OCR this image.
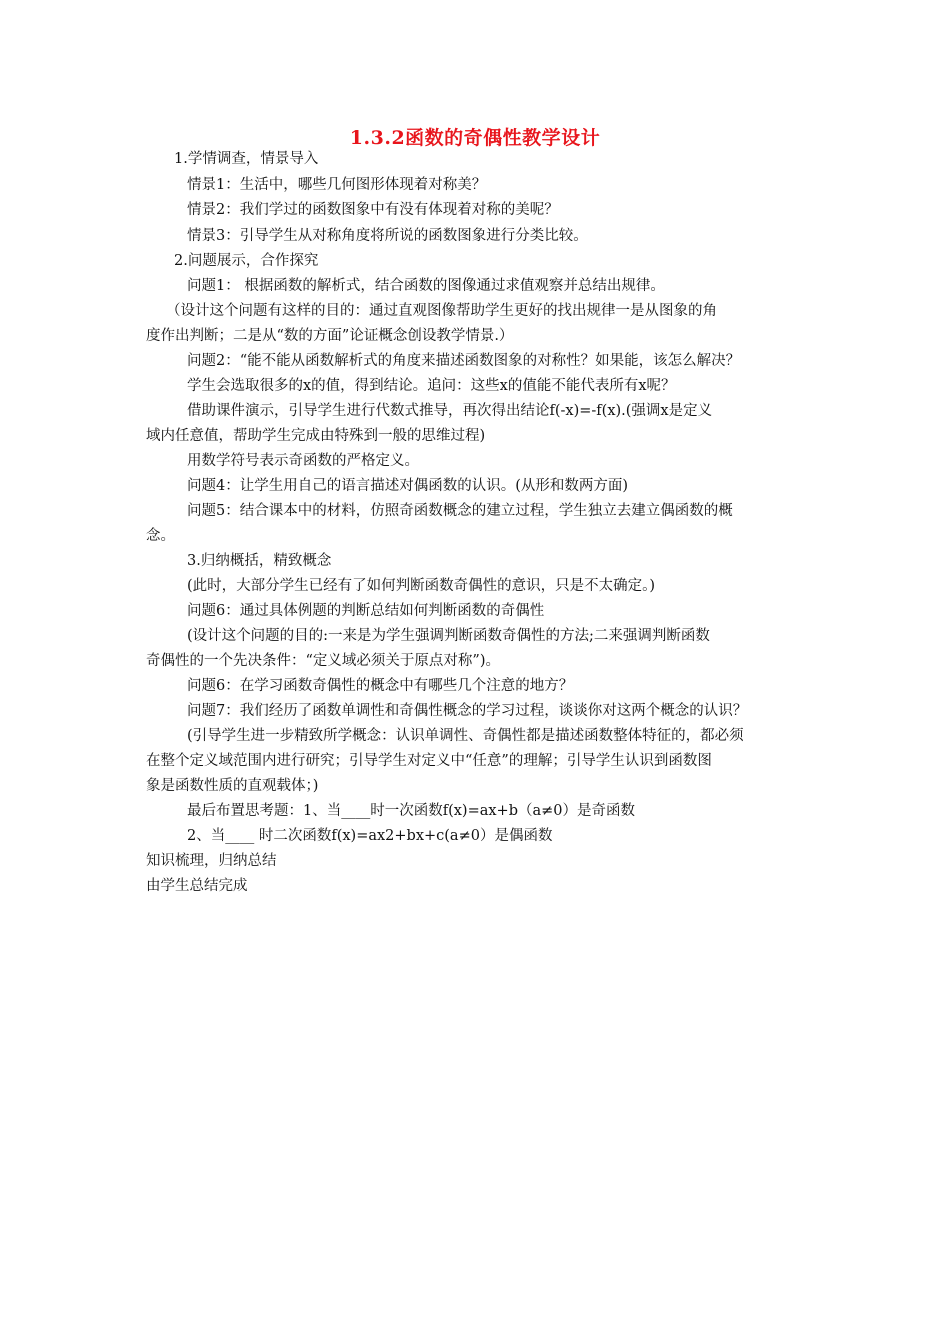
1.3.2函数的奇偶性教学设计
1.学情调查，情景导入
情景1：生活中，哪些几何图形体现着对称美？
情景2：我们学过的函数图象中有没有体现着对称的美呢？
情景3：引导学生从对称角度将所说的函数图象进行分类比较。
2.问题展示，合作探究
问题1： 根据函数的解析式，结合函数的图像通过求值观察并总结出规律。
（设计这个问题有这样的目的：通过直观图像帮助学生更好的找出规律一是从图象的角
度作出判断；二是从“数的方面”论证概念创设教学情景.）
问题2：“能不能从函数解析式的角度来描述函数图象的对称性？如果能，该怎么解决？
学生会选取很多的x的值，得到结论。追问：这些x的值能不能代表所有x呢？
借助课件演示，引导学生进行代数式推导，再次得出结论f(-x)=-f(x).(强调x是定义
域内任意值，帮助学生完成由特殊到一般的思维过程)
用数学符号表示奇函数的严格定义。
问题4：让学生用自己的语言描述对偶函数的认识。(从形和数两方面)
问题5：结合课本中的材料，仿照奇函数概念的建立过程，学生独立去建立偶函数的概
念。
3.归纳概括，精致概念
(此时，大部分学生已经有了如何判断函数奇偶性的意识，只是不太确定。)
问题6：通过具体例题的判断总结如何判断函数的奇偶性
(设计这个问题的目的:一来是为学生强调判断函数奇偶性的方法;二来强调判断函数
奇偶性的一个先决条件：“定义域必须关于原点对称”)。
问题6：在学习函数奇偶性的概念中有哪些几个注意的地方？
问题7：我们经历了函数单调性和奇偶性概念的学习过程，谈谈你对这两个概念的认识？
(引导学生进一步精致所学概念：认识单调性、奇偶性都是描述函数整体特征的，都必须
在整个定义域范围内进行研究；引导学生对定义中“任意”的理解；引导学生认识到函数图
象是函数性质的直观载体；)
最后布置思考题：1、当____时一次函数f(x)=ax+b（a≠0）是奇函数
2、当____ 时二次函数f(x)=ax2+bx+c(a≠0）是偶函数
知识梳理，归纳总结
由学生总结完成
